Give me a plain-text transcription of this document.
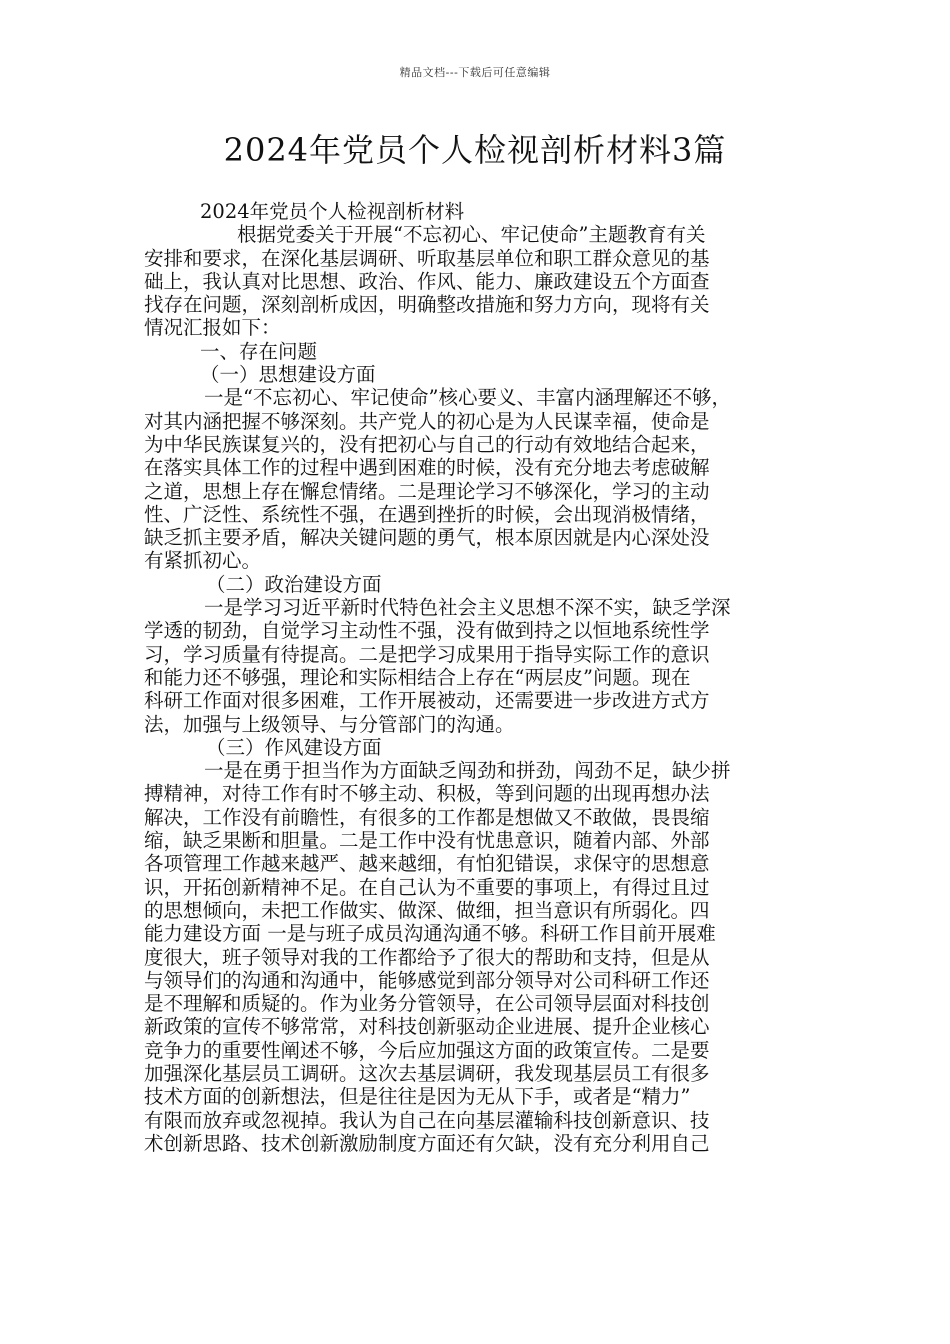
精品文档---下载后可任意编辑
2024年党员个人检视剖析材料3篇
2024年党员个人检视剖析材料
根据党委关于开展“不忘初心、牢记使命”主题教育有关
安排和要求，在深化基层调研、听取基层单位和职工群众意见的基
础上，我认真对比思想、政治、作风、能力、廉政建设五个方面查
找存在问题，深刻剖析成因，明确整改措施和努力方向，现将有关
情况汇报如下：
一、存在问题
（一）思想建设方面
一是“不忘初心、牢记使命”核心要义、丰富内涵理解还不够，
对其内涵把握不够深刻。共产党人的初心是为人民谋幸福，使命是
为中华民族谋复兴的，没有把初心与自己的行动有效地结合起来，
在落实具体工作的过程中遇到困难的时候，没有充分地去考虑破解
之道，思想上存在懈怠情绪。二是理论学习不够深化，学习的主动
性、广泛性、系统性不强，在遇到挫折的时候，会出现消极情绪，
缺乏抓主要矛盾，解决关键问题的勇气，根本原因就是内心深处没
有紧抓初心。
（二）政治建设方面
一是学习习近平新时代特色社会主义思想不深不实，缺乏学深
学透的韧劲，自觉学习主动性不强，没有做到持之以恒地系统性学
习，学习质量有待提高。二是把学习成果用于指导实际工作的意识
和能力还不够强，理论和实际相结合上存在“两层皮”问题。现在
科研工作面对很多困难，工作开展被动，还需要进一步改进方式方
法，加强与上级领导、与分管部门的沟通。
（三）作风建设方面
一是在勇于担当作为方面缺乏闯劲和拼劲，闯劲不足，缺少拼
搏精神，对待工作有时不够主动、积极，等到问题的出现再想办法
解决，工作没有前瞻性，有很多的工作都是想做又不敢做，畏畏缩
缩，缺乏果断和胆量。二是工作中没有忧患意识，随着内部、外部
各项管理工作越来越严、越来越细，有怕犯错误，求保守的思想意
识，开拓创新精神不足。在自己认为不重要的事项上，有得过且过
的思想倾向，未把工作做实、做深、做细，担当意识有所弱化。四
能力建设方面 一是与班子成员沟通沟通不够。科研工作目前开展难
度很大，班子领导对我的工作都给予了很大的帮助和支持，但是从
与领导们的沟通和沟通中，能够感觉到部分领导对公司科研工作还
是不理解和质疑的。作为业务分管领导，在公司领导层面对科技创
新政策的宣传不够常常，对科技创新驱动企业进展、提升企业核心
竞争力的重要性阐述不够，今后应加强这方面的政策宣传。二是要
加强深化基层员工调研。这次去基层调研，我发现基层员工有很多
技术方面的创新想法，但是往往是因为无从下手，或者是“精力”
有限而放弃或忽视掉。我认为自己在向基层灌输科技创新意识、技
术创新思路、技术创新激励制度方面还有欠缺，没有充分利用自己
